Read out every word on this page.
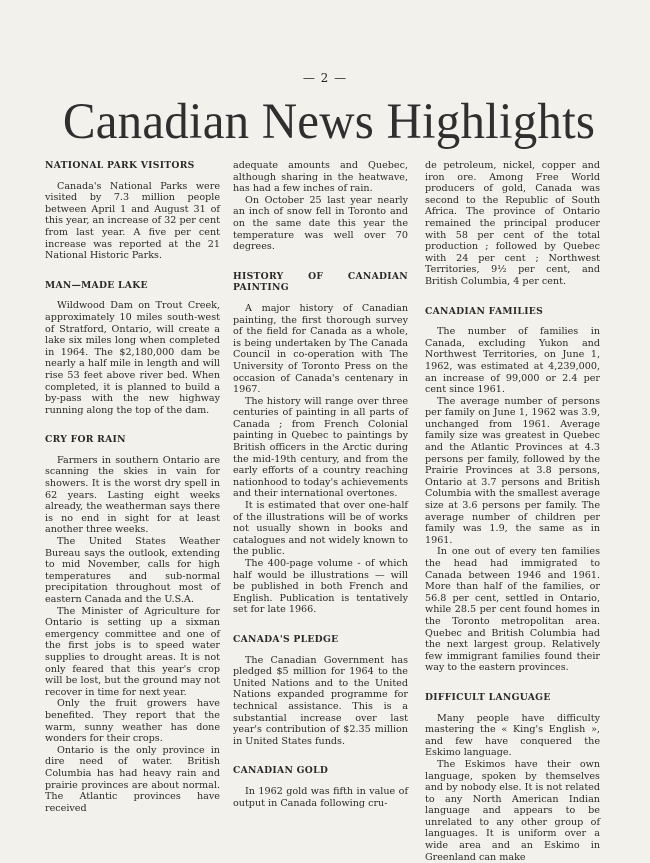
— 2 —
Canadian News Highlights
NATIONAL PARK VISITORS

Canada's National Parks were visited by 7.3 million people between April 1 and August 31 of this year, an increase of 32 per cent from last year. A five per cent increase was reported at the 21 National Historic Parks.

MAN—MADE LAKE

Wildwood Dam on Trout Creek, approximately 10 miles south-west of Stratford, Ontario, will create a lake six miles long when completed in 1964. The $2,180,000 dam be nearly a half mile in length and will rise 53 feet above river bed. When completed, it is planned to build a by-pass with the new highway running along the top of the dam.

CRY FOR RAIN

Farmers in southern Ontario are scanning the skies in vain for showers. It is the worst dry spell in 62 years. Lasting eight weeks already, the weatherman says there is no end in sight for at least another three weeks.

The United States Weather Bureau says the outlook, extending to mid November, calls for high temperatures and sub-normal precipitation throughout most of eastern Canada and the U.S.A.

The Minister of Agriculture for Ontario is setting up a sixman emergency committee and one of the first jobs is to speed water supplies to drought areas. It is not only feared that this year's crop will be lost, but the ground may not recover in time for next year.

Only the fruit growers have benefited. They report that the warm, sunny weather has done wonders for their crops.

Ontario is the only province in dire need of water. British Columbia has had heavy rain and prairie provinces are about normal. The Atlantic provinces have received

adequate amounts and Quebec, although sharing in the heatwave, has had a few inches of rain.

On October 25 last year nearly an inch of snow fell in Toronto and on the same date this year the temperature was well over 70 degrees.

HISTORY OF CANADIAN PAINTING

A major history of Canadian painting, the first thorough survey of the field for Canada as a whole, is being undertaken by The Canada Council in co-operation with The University of Toronto Press on the occasion of Canada's centenary in 1967.

The history will range over three centuries of painting in all parts of Canada ; from French Colonial painting in Quebec to paintings by British officers in the Arctic during the mid-19th century, and from the early efforts of a country reaching nationhood to today's achievements and their international overtones.

It is estimated that over one-half of the illustrations will be of works not usually shown in books and catalogues and not widely known to the public.

The 400-page volume - of which half would be illustrations — will be published in both French and English. Publication is tentatively set for late 1966.

CANADA'S PLEDGE

The Canadian Government has pledged $5 million for 1964 to the United Nations and to the United Nations expanded programme for technical assistance. This is a substantial increase over last year's contribution of $2.35 million in United States funds.

CANADIAN GOLD

In 1962 gold was fifth in value of output in Canada following cru-

de petroleum, nickel, copper and iron ore. Among Free World producers of gold, Canada was second to the Republic of South Africa. The province of Ontario remained the principal producer with 58 per cent of the total production ; followed by Quebec with 24 per cent ; Northwest Territories, 9½ per cent, and British Columbia, 4 per cent.

CANADIAN FAMILIES

The number of families in Canada, excluding Yukon and Northwest Territories, on June 1, 1962, was estimated at 4,239,000, an increase of 99,000 or 2.4 per cent since 1961.

The average number of persons per family on June 1, 1962 was 3.9, unchanged from 1961. Average family size was greatest in Quebec and the Atlantic Provinces at 4.3 persons per family, followed by the Prairie Provinces at 3.8 persons, Ontario at 3.7 persons and British Columbia with the smallest average size at 3.6 persons per family. The average number of children per family was 1.9, the same as in 1961.

In one out of every ten families the head had immigrated to Canada between 1946 and 1961. More than half of the families, or 56.8 per cent, settled in Ontario, while 28.5 per cent found homes in the Toronto metropolitan area. Quebec and British Columbia had the next largest group. Relatively few immigrant families found their way to the eastern provinces.

DIFFICULT LANGUAGE

Many people have difficulty mastering the « King's English », and few have conquered the Eskimo language.

The Eskimos have their own language, spoken by themselves and by nobody else. It is not related to any North American Indian language and appears to be unrelated to any other group of languages. It is uniform over a wide area and an Eskimo in Greenland can make
